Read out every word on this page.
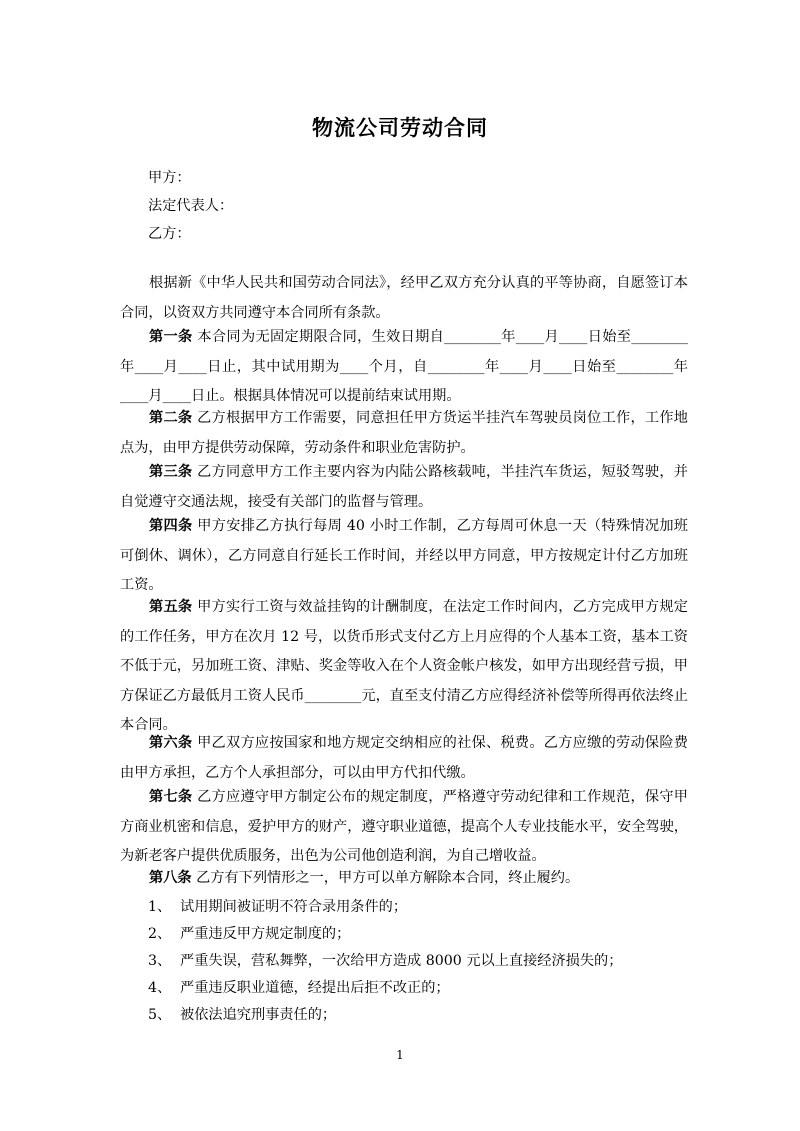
物流公司劳动合同
甲方：
法定代表人：
乙方：

根据新《中华人民共和国劳动合同法》，经甲乙双方充分认真的平等协商，自愿签订本合同，以资双方共同遵守本合同所有条款。

第一条 本合同为无固定期限合同，生效日期自________年____月____日始至________年____月____日止，其中试用期为____个月，自________年____月____日始至________年____月____日止。根据具体情况可以提前结束试用期。

第二条 乙方根据甲方工作需要，同意担任甲方货运半挂汽车驾驶员岗位工作，工作地点为，由甲方提供劳动保障，劳动条件和职业危害防护。

第三条 乙方同意甲方工作主要内容为内陆公路核载吨，半挂汽车货运，短驳驾驶，并自觉遵守交通法规，接受有关部门的监督与管理。

第四条 甲方安排乙方执行每周 40 小时工作制，乙方每周可休息一天（特殊情况加班可倒休、调休），乙方同意自行延长工作时间，并经以甲方同意，甲方按规定计付乙方加班工资。

第五条 甲方实行工资与效益挂钩的计酬制度，在法定工作时间内，乙方完成甲方规定的工作任务，甲方在次月 12 号，以货币形式支付乙方上月应得的个人基本工资，基本工资不低于元，另加班工资、津贴、奖金等收入在个人资金帐户核发，如甲方出现经营亏损，甲方保证乙方最低月工资人民币________元，直至支付清乙方应得经济补偿等所得再依法终止本合同。

第六条 甲乙双方应按国家和地方规定交纳相应的社保、税费。乙方应缴的劳动保险费由甲方承担，乙方个人承担部分，可以由甲方代扣代缴。

第七条 乙方应遵守甲方制定公布的规定制度，严格遵守劳动纪律和工作规范，保守甲方商业机密和信息，爱护甲方的财产，遵守职业道德，提高个人专业技能水平，安全驾驶，为新老客户提供优质服务，出色为公司他创造利润，为自己增收益。

第八条 乙方有下列情形之一，甲方可以单方解除本合同，终止履约。

1、 试用期间被证明不符合录用条件的；
2、 严重违反甲方规定制度的；
3、 严重失误，营私舞弊，一次给甲方造成 8000 元以上直接经济损失的；
4、 严重违反职业道德，经提出后拒不改正的；
5、 被依法追究刑事责任的；
1
